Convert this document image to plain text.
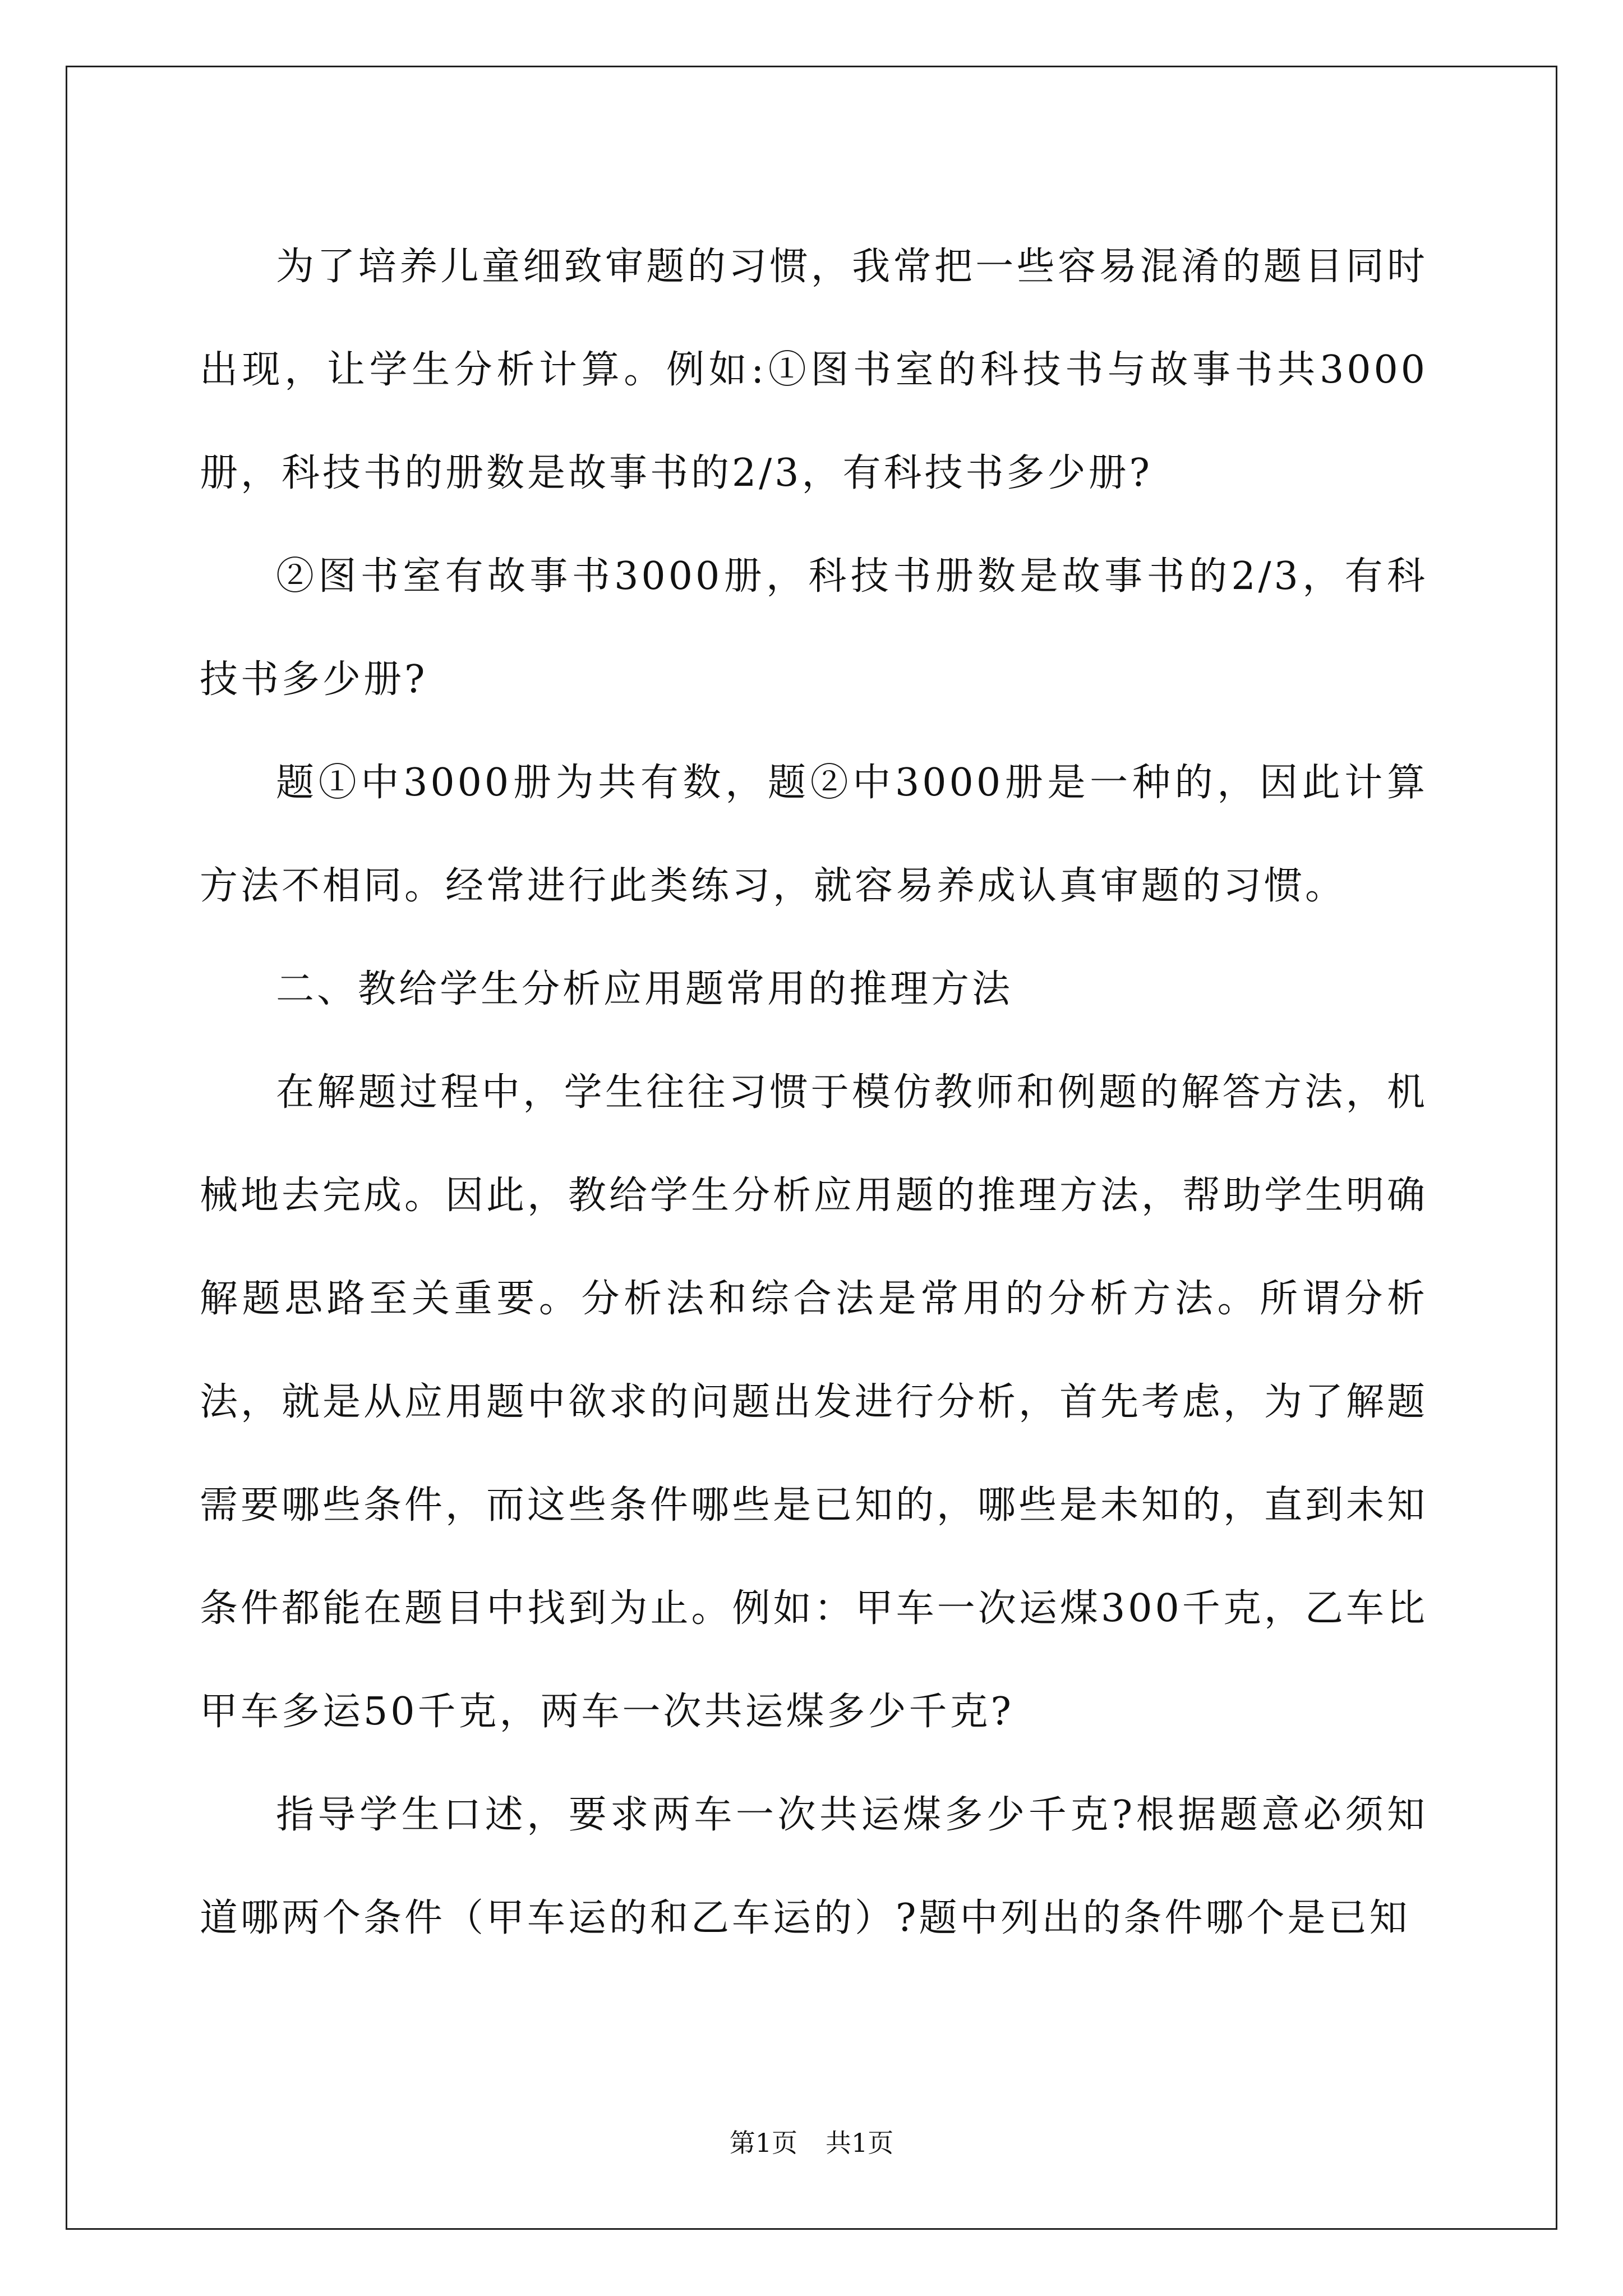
为了培养儿童细致审题的习惯，我常把一些容易混淆的题目同时出现，让学生分析计算。例如:①图书室的科技书与故事书共3000册，科技书的册数是故事书的2/3，有科技书多少册?

②图书室有故事书3000册，科技书册数是故事书的2/3，有科技书多少册?

题①中3000册为共有数，题②中3000册是一种的，因此计算方法不相同。经常进行此类练习，就容易养成认真审题的习惯。

二、教给学生分析应用题常用的推理方法

在解题过程中，学生往往习惯于模仿教师和例题的解答方法，机械地去完成。因此，教给学生分析应用题的推理方法，帮助学生明确解题思路至关重要。分析法和综合法是常用的分析方法。所谓分析法，就是从应用题中欲求的问题出发进行分析，首先考虑，为了解题需要哪些条件，而这些条件哪些是已知的，哪些是未知的，直到未知条件都能在题目中找到为止。例如：甲车一次运煤300千克，乙车比甲车多运50千克，两车一次共运煤多少千克?

指导学生口述，要求两车一次共运煤多少千克?根据题意必须知道哪两个条件（甲车运的和乙车运的）?题中列出的条件哪个是已知

第1页 共1页
